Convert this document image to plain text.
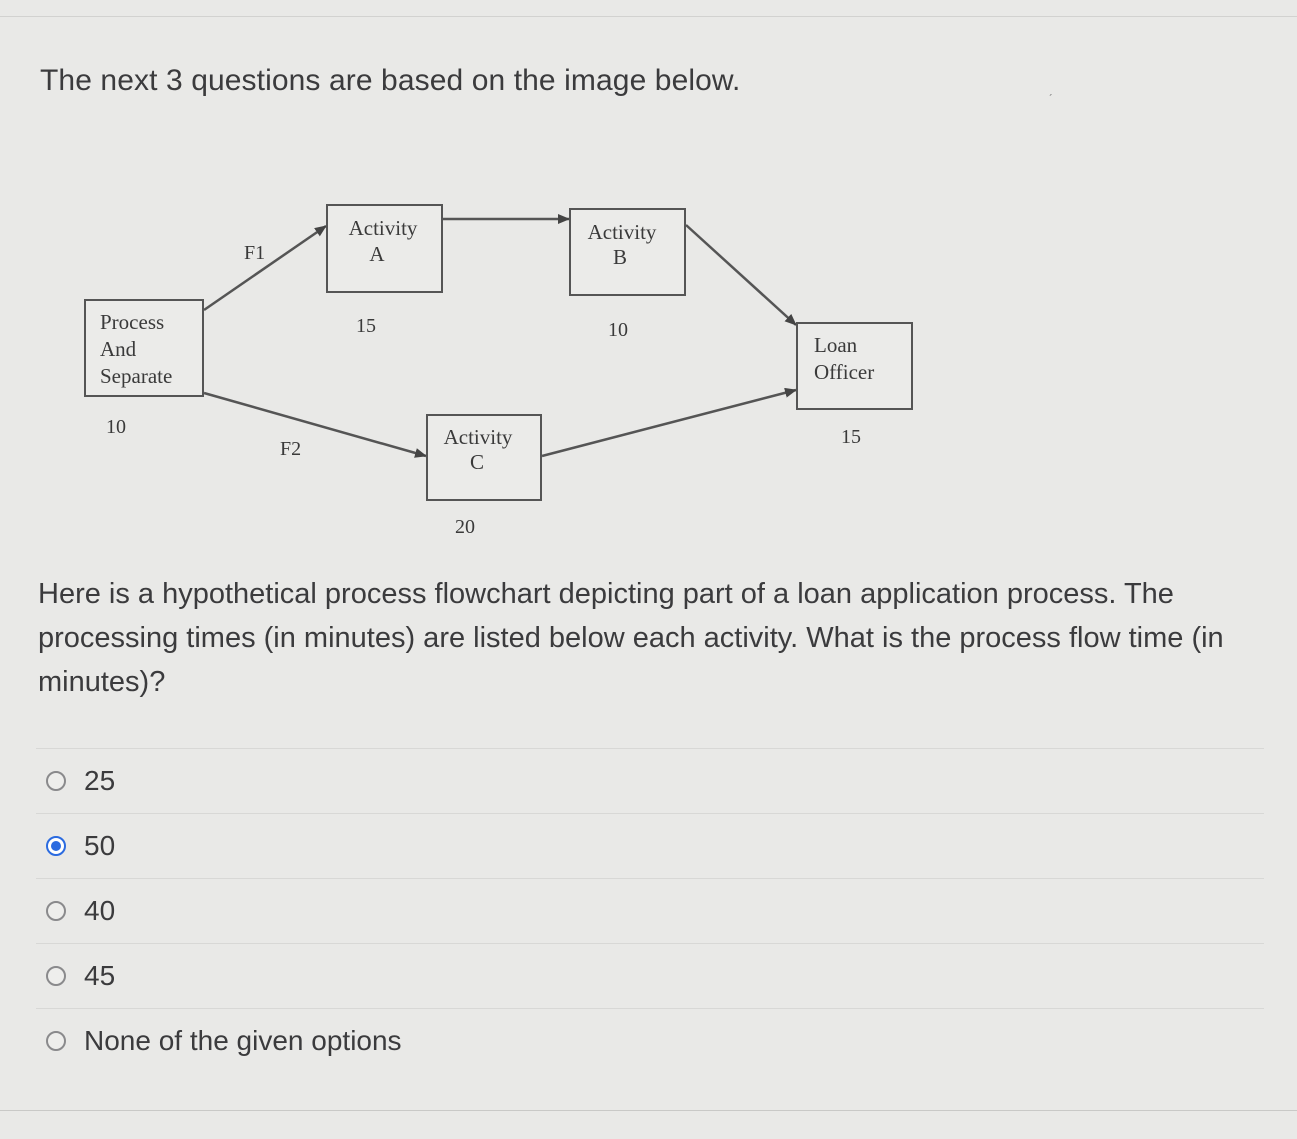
The next 3 questions are based on the image below.	ˏ
Process
And
Separate
Activity
A
Activity
B
Activity
C
Loan
Officer
10
15	10
20
15
F1
F2
Here is a hypothetical process flowchart depicting part of a loan application process. The processing times (in minutes) are listed below each activity. What is the process flow time (in minutes)?
25
50
40
45
None of the given options
